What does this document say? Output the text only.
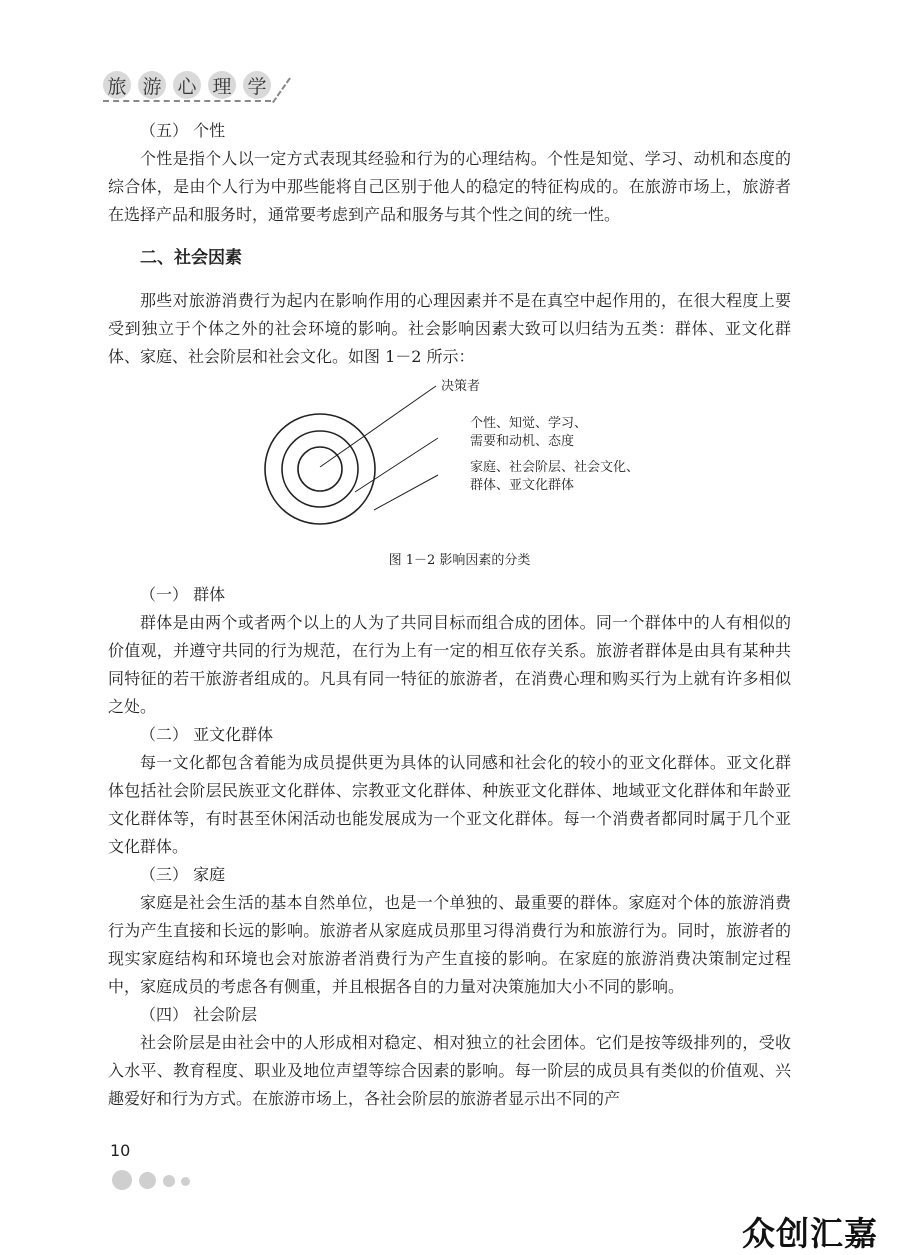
旅 游 心 理 学

（五） 个性

个性是指个人以一定方式表现其经验和行为的心理结构。个性是知觉、学习、动机和态度的综合体，是由个人行为中那些能将自己区别于他人的稳定的特征构成的。在旅游市场上，旅游者在选择产品和服务时，通常要考虑到产品和服务与其个性之间的统一性。

二、社会因素

那些对旅游消费行为起内在影响作用的心理因素并不是在真空中起作用的，在很大程度上要受到独立于个体之外的社会环境的影响。社会影响因素大致可以归结为五类：群体、亚文化群体、家庭、社会阶层和社会文化。如图 1－2 所示：

决策者
个性、知觉、学习、
需要和动机、态度
家庭、社会阶层、社会文化、
群体、亚文化群体

图 1－2 影响因素的分类

（一） 群体

群体是由两个或者两个以上的人为了共同目标而组合成的团体。同一个群体中的人有相似的价值观，并遵守共同的行为规范，在行为上有一定的相互依存关系。旅游者群体是由具有某种共同特征的若干旅游者组成的。凡具有同一特征的旅游者，在消费心理和购买行为上就有许多相似之处。

（二） 亚文化群体

每一文化都包含着能为成员提供更为具体的认同感和社会化的较小的亚文化群体。亚文化群体包括社会阶层民族亚文化群体、宗教亚文化群体、种族亚文化群体、地域亚文化群体和年龄亚文化群体等，有时甚至休闲活动也能发展成为一个亚文化群体。每一个消费者都同时属于几个亚文化群体。

（三） 家庭

家庭是社会生活的基本自然单位，也是一个单独的、最重要的群体。家庭对个体的旅游消费行为产生直接和长远的影响。旅游者从家庭成员那里习得消费行为和旅游行为。同时，旅游者的现实家庭结构和环境也会对旅游者消费行为产生直接的影响。在家庭的旅游消费决策制定过程中，家庭成员的考虑各有侧重，并且根据各自的力量对决策施加大小不同的影响。

（四） 社会阶层

社会阶层是由社会中的人形成相对稳定、相对独立的社会团体。它们是按等级排列的，受收入水平、教育程度、职业及地位声望等综合因素的影响。每一阶层的成员具有类似的价值观、兴趣爱好和行为方式。在旅游市场上，各社会阶层的旅游者显示出不同的产

10
众创汇嘉
